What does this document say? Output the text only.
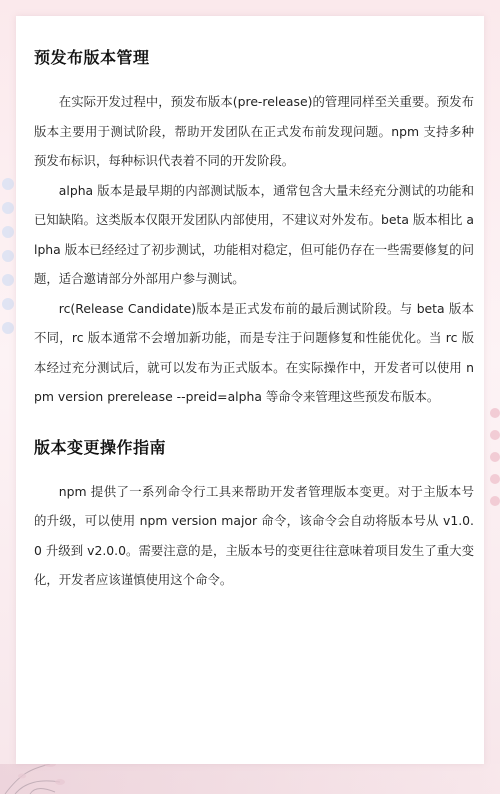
预发布版本管理

在实际开发过程中，预发布版本(pre-release)的管理同样至关重要。预发布版本主要用于测试阶段，帮助开发团队在正式发布前发现问题。npm 支持多种预发布标识，每种标识代表着不同的开发阶段。

alpha 版本是最早期的内部测试版本，通常包含大量未经充分测试的功能和已知缺陷。这类版本仅限开发团队内部使用，不建议对外发布。beta 版本相比 alpha 版本已经经过了初步测试，功能相对稳定，但可能仍存在一些需要修复的问题，适合邀请部分外部用户参与测试。

rc(Release Candidate)版本是正式发布前的最后测试阶段。与 beta 版本不同，rc 版本通常不会增加新功能，而是专注于问题修复和性能优化。当 rc 版本经过充分测试后，就可以发布为正式版本。在实际操作中，开发者可以使用 npm version prerelease --preid=alpha 等命令来管理这些预发布版本。

版本变更操作指南

npm 提供了一系列命令行工具来帮助开发者管理版本变更。对于主版本号的升级，可以使用 npm version major 命令，该命令会自动将版本号从 v1.0.0 升级到 v2.0.0。需要注意的是，主版本号的变更往往意味着项目发生了重大变化，开发者应该谨慎使用这个命令。
